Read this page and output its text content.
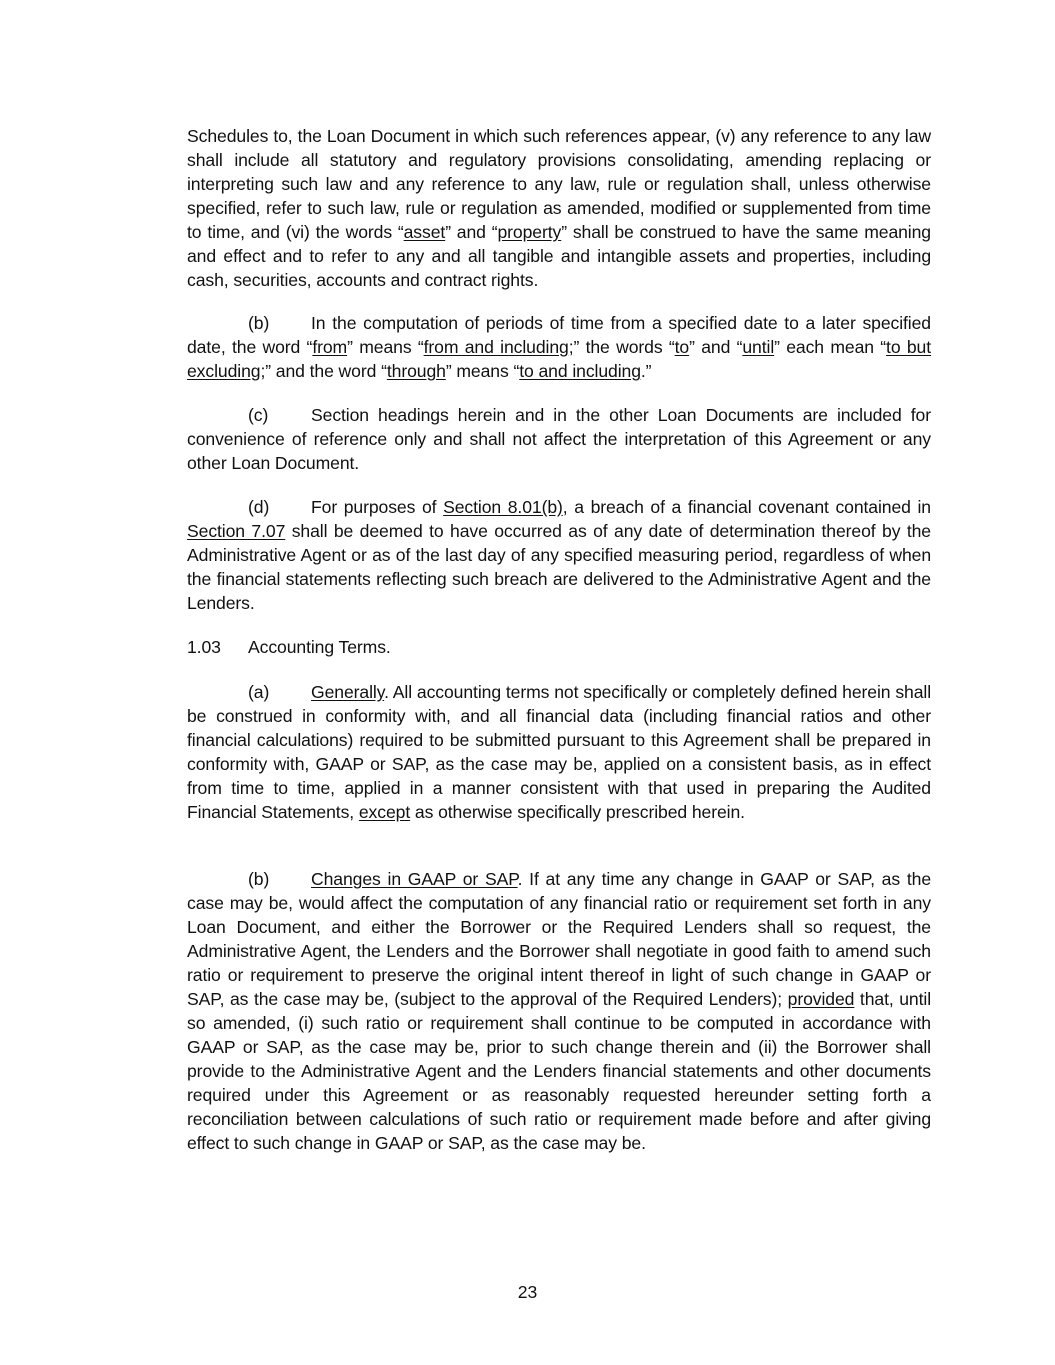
Schedules to, the Loan Document in which such references appear, (v) any reference to any law shall include all statutory and regulatory provisions consolidating, amending replacing or interpreting such law and any reference to any law, rule or regulation shall, unless otherwise specified, refer to such law, rule or regulation as amended, modified or supplemented from time to time, and (vi) the words “asset” and “property” shall be construed to have the same meaning and effect and to refer to any and all tangible and intangible assets and properties, including cash, securities, accounts and contract rights.
(b) In the computation of periods of time from a specified date to a later specified date, the word “from” means “from and including;” the words “to” and “until” each mean “to but excluding;” and the word “through” means “to and including.”
(c) Section headings herein and in the other Loan Documents are included for convenience of reference only and shall not affect the interpretation of this Agreement or any other Loan Document.
(d) For purposes of Section 8.01(b), a breach of a financial covenant contained in Section 7.07 shall be deemed to have occurred as of any date of determination thereof by the Administrative Agent or as of the last day of any specified measuring period, regardless of when the financial statements reflecting such breach are delivered to the Administrative Agent and the Lenders.
1.03 Accounting Terms.
(a) Generally. All accounting terms not specifically or completely defined herein shall be construed in conformity with, and all financial data (including financial ratios and other financial calculations) required to be submitted pursuant to this Agreement shall be prepared in conformity with, GAAP or SAP, as the case may be, applied on a consistent basis, as in effect from time to time, applied in a manner consistent with that used in preparing the Audited Financial Statements, except as otherwise specifically prescribed herein.
(b) Changes in GAAP or SAP. If at any time any change in GAAP or SAP, as the case may be, would affect the computation of any financial ratio or requirement set forth in any Loan Document, and either the Borrower or the Required Lenders shall so request, the Administrative Agent, the Lenders and the Borrower shall negotiate in good faith to amend such ratio or requirement to preserve the original intent thereof in light of such change in GAAP or SAP, as the case may be, (subject to the approval of the Required Lenders); provided that, until so amended, (i) such ratio or requirement shall continue to be computed in accordance with GAAP or SAP, as the case may be, prior to such change therein and (ii) the Borrower shall provide to the Administrative Agent and the Lenders financial statements and other documents required under this Agreement or as reasonably requested hereunder setting forth a reconciliation between calculations of such ratio or requirement made before and after giving effect to such change in GAAP or SAP, as the case may be.
23
